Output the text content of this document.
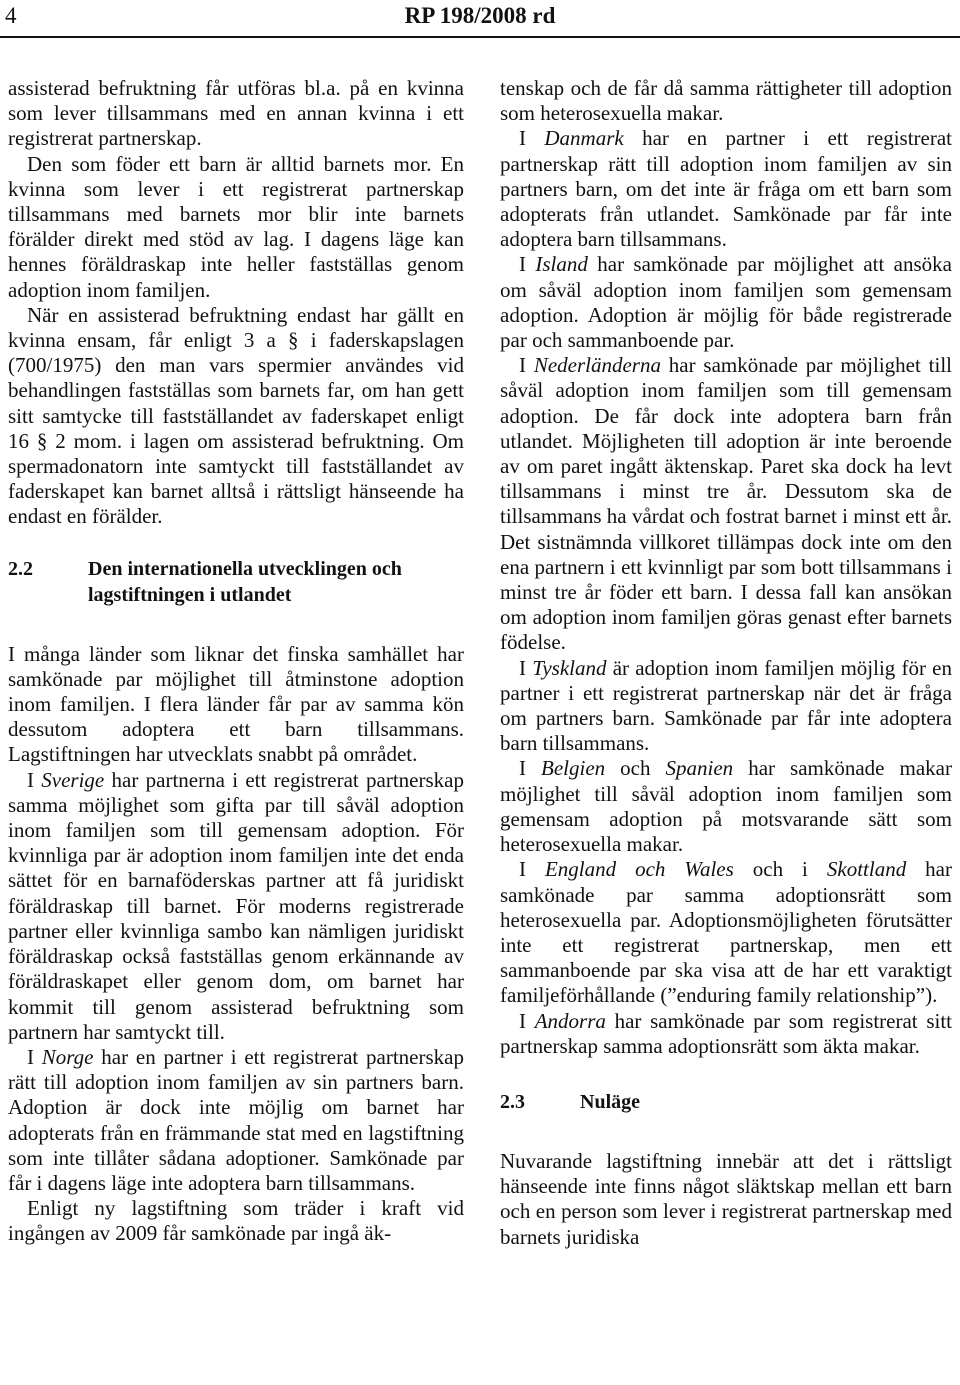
4	RP 198/2008 rd

assisterad befruktning får utföras bl.a. på en kvinna som lever tillsammans med en annan kvinna i ett registrerat partnerskap.

Den som föder ett barn är alltid barnets mor. En kvinna som lever i ett registrerat partnerskap tillsammans med barnets mor blir inte barnets förälder direkt med stöd av lag. I dagens läge kan hennes föräldraskap inte heller fastställas genom adoption inom familjen.

När en assisterad befruktning endast har gällt en kvinna ensam, får enligt 3 a § i faderskapslagen (700/1975) den man vars spermier användes vid behandlingen fastställas som barnets far, om han gett sitt samtycke till fastställandet av faderskapet enligt 16 § 2 mom. i lagen om assisterad befruktning. Om spermadonatorn inte samtyckt till fastställandet av faderskapet kan barnet alltså i rättsligt hänseende ha endast en förälder.

2.2	Den internationella utvecklingen och lagstiftningen i utlandet

I många länder som liknar det finska samhället har samkönade par möjlighet till åtminstone adoption inom familjen. I flera länder får par av samma kön dessutom adoptera ett barn tillsammans. Lagstiftningen har utvecklats snabbt på området.

I Sverige har partnerna i ett registrerat partnerskap samma möjlighet som gifta par till såväl adoption inom familjen som till gemensam adoption. För kvinnliga par är adoption inom familjen inte det enda sättet för en barnaföderskas partner att få juridiskt föräldraskap till barnet. För moderns registrerade partner eller kvinnliga sambo kan nämligen juridiskt föräldraskap också fastställas genom erkännande av föräldraskapet eller genom dom, om barnet har kommit till genom assisterad befruktning som partnern har samtyckt till.

I Norge har en partner i ett registrerat partnerskap rätt till adoption inom familjen av sin partners barn. Adoption är dock inte möjlig om barnet har adopterats från en främmande stat med en lagstiftning som inte tillåter sådana adoptioner. Samkönade par får i dagens läge inte adoptera barn tillsammans.

Enligt ny lagstiftning som träder i kraft vid ingången av 2009 får samkönade par ingå äk-

tenskap och de får då samma rättigheter till adoption som heterosexuella makar.

I Danmark har en partner i ett registrerat partnerskap rätt till adoption inom familjen av sin partners barn, om det inte är fråga om ett barn som adopterats från utlandet. Samkönade par får inte adoptera barn tillsammans.

I Island har samkönade par möjlighet att ansöka om såväl adoption inom familjen som gemensam adoption. Adoption är möjlig för både registrerade par och sammanboende par.

I Nederländerna har samkönade par möjlighet till såväl adoption inom familjen som till gemensam adoption. De får dock inte adoptera barn från utlandet. Möjligheten till adoption är inte beroende av om paret ingått äktenskap. Paret ska dock ha levt tillsammans i minst tre år. Dessutom ska de tillsammans ha vårdat och fostrat barnet i minst ett år. Det sistnämnda villkoret tillämpas dock inte om den ena partnern i ett kvinnligt par som bott tillsammans i minst tre år föder ett barn. I dessa fall kan ansökan om adoption inom familjen göras genast efter barnets födelse.

I Tyskland är adoption inom familjen möjlig för en partner i ett registrerat partnerskap när det är fråga om partners barn. Samkönade par får inte adoptera barn tillsammans.

I Belgien och Spanien har samkönade makar möjlighet till såväl adoption inom familjen som gemensam adoption på motsvarande sätt som heterosexuella makar.

I England och Wales och i Skottland har samkönade par samma adoptionsrätt som heterosexuella par. Adoptionsmöjligheten förutsätter inte ett registrerat partnerskap, men ett sammanboende par ska visa att de har ett varaktigt familjeförhållande (”enduring family relationship”).

I Andorra har samkönade par som registrerat sitt partnerskap samma adoptionsrätt som äkta makar.

2.3	Nuläge

Nuvarande lagstiftning innebär att det i rättsligt hänseende inte finns något släktskap mellan ett barn och en person som lever i registrerat partnerskap med barnets juridiska
